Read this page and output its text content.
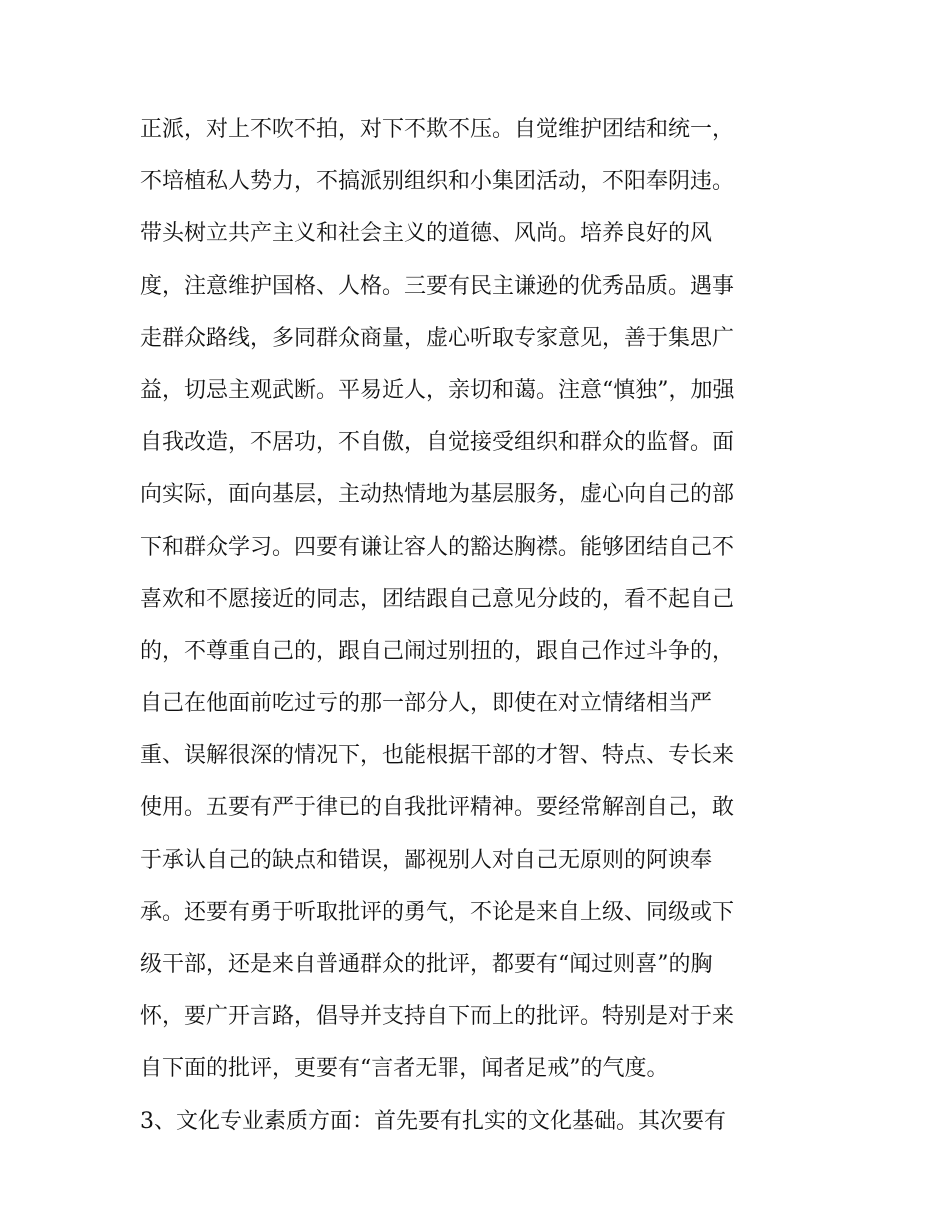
正派，对上不吹不拍，对下不欺不压。自觉维护团结和统一，
不培植私人势力，不搞派别组织和小集团活动，不阳奉阴违。
带头树立共产主义和社会主义的道德、风尚。培养良好的风
度，注意维护国格、人格。三要有民主谦逊的优秀品质。遇事
走群众路线，多同群众商量，虚心听取专家意见，善于集思广
益，切忌主观武断。平易近人，亲切和蔼。注意“慎独”，加强
自我改造，不居功，不自傲，自觉接受组织和群众的监督。面
向实际，面向基层，主动热情地为基层服务，虚心向自己的部
下和群众学习。四要有谦让容人的豁达胸襟。能够团结自己不
喜欢和不愿接近的同志，团结跟自己意见分歧的，看不起自己
的，不尊重自己的，跟自己闹过别扭的，跟自己作过斗争的，
自己在他面前吃过亏的那一部分人，即使在对立情绪相当严
重、误解很深的情况下，也能根据干部的才智、特点、专长来
使用。五要有严于律已的自我批评精神。要经常解剖自己，敢
于承认自己的缺点和错误，鄙视别人对自己无原则的阿谀奉
承。还要有勇于听取批评的勇气，不论是来自上级、同级或下
级干部，还是来自普通群众的批评，都要有“闻过则喜”的胸
怀，要广开言路，倡导并支持自下而上的批评。特别是对于来
自下面的批评，更要有“言者无罪，闻者足戒”的气度。
3、文化专业素质方面：首先要有扎实的文化基础。其次要有
